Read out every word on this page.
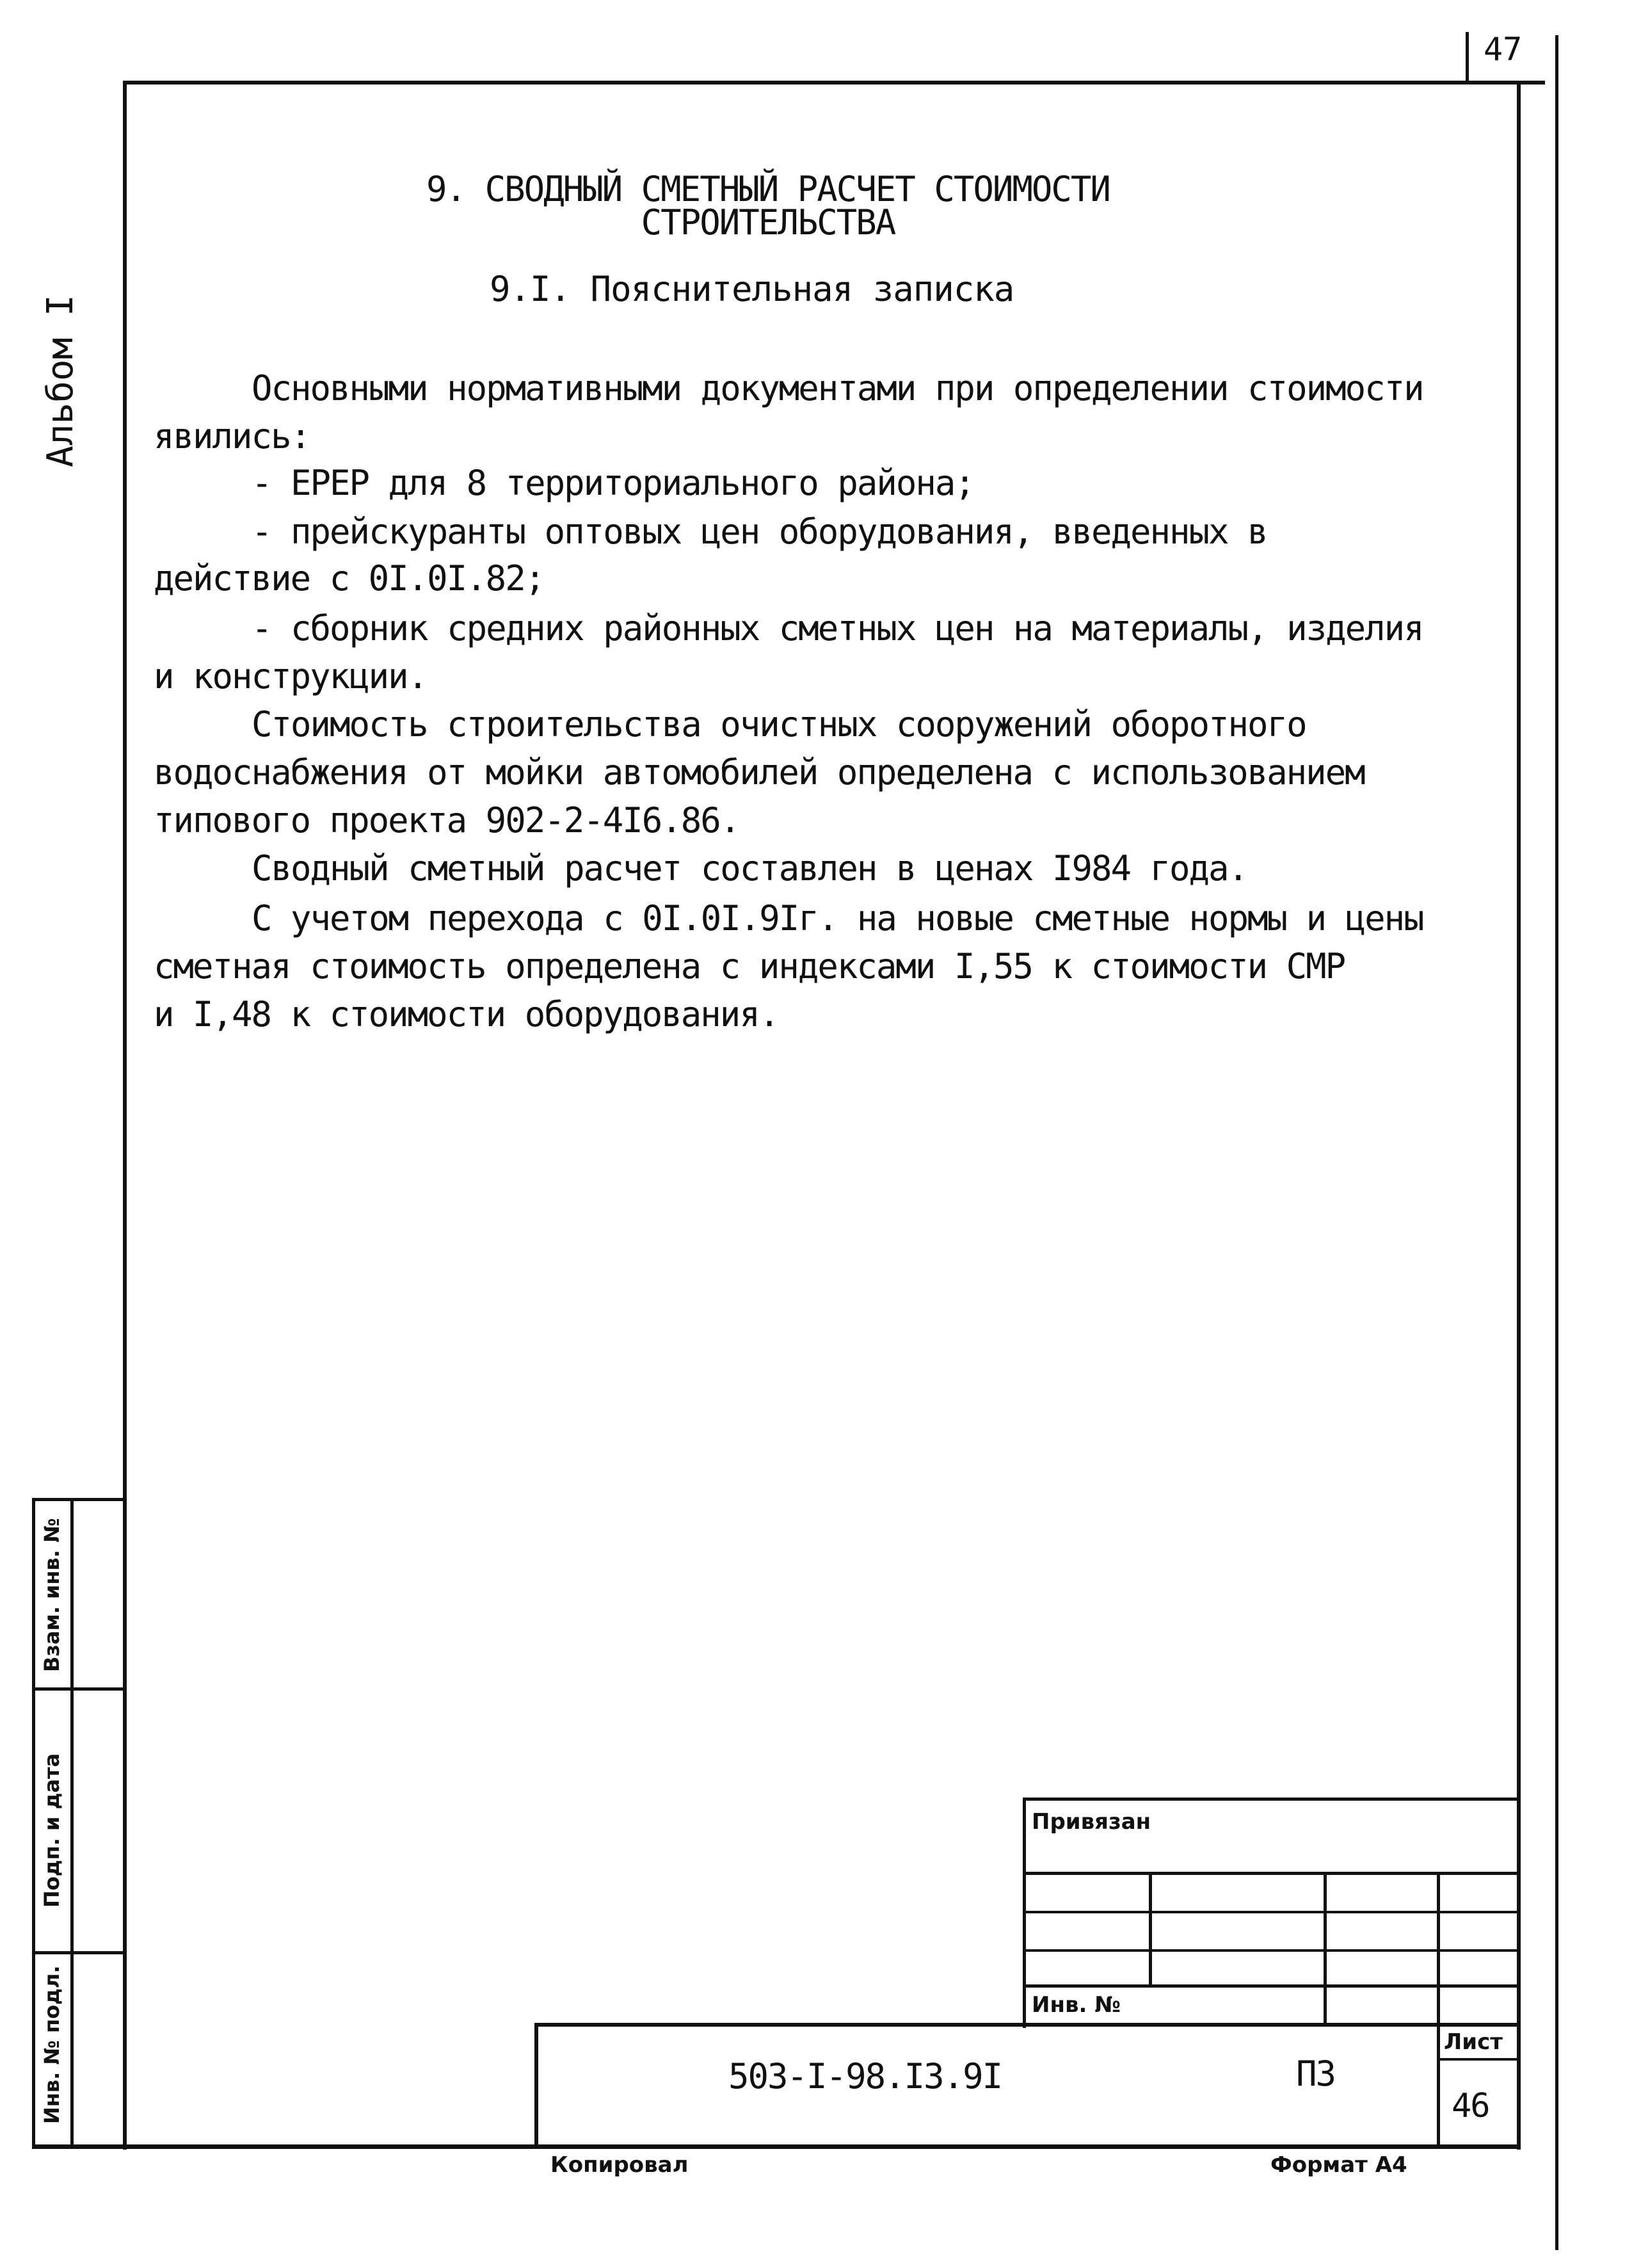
47
Альбом I
9. СВОДНЫЙ СМЕТНЫЙ РАСЧЕТ СТОИМОСТИ
СТРОИТЕЛЬСТВА
9.I. Пояснительная записка
Основными нормативными документами при определении стоимости
явились:
- ЕРЕР для 8 территориального района;
- прейскуранты оптовых цен оборудования, введенных в
действие с 0I.0I.82;
- сборник средних районных сметных цен на материалы, изделия
и конструкции.
Стоимость строительства очистных сооружений оборотного
водоснабжения от мойки автомобилей определена с использованием
типового проекта 902-2-4I6.86.
Сводный сметный расчет составлен в ценах I984 года.
С учетом перехода с 0I.0I.9Iг. на новые сметные нормы и цены
сметная стоимость определена с индексами I,55 к стоимости СМР
и I,48 к стоимости оборудования.
Взам. инв. №
Подп. и дата
Инв. № подл.
Привязан
Инв. №
503-I-98.I3.9I	ПЗ
Лист
46
Копировал	Формат А4
